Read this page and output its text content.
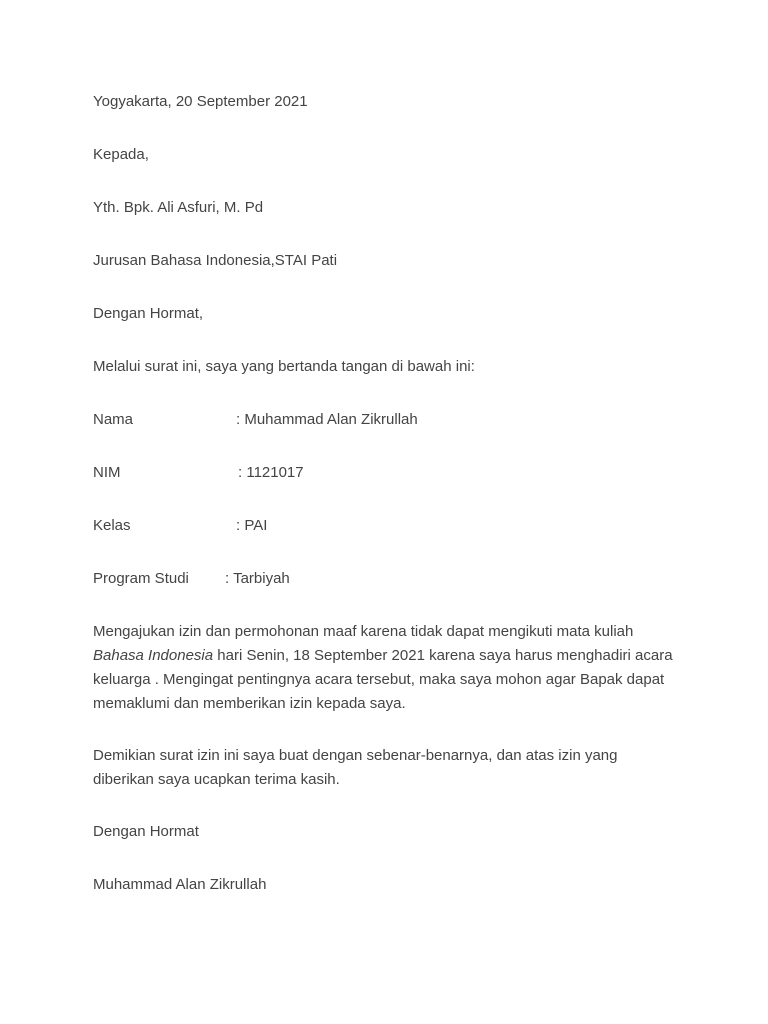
Yogyakarta, 20 September 2021
Kepada,
Yth. Bpk. Ali Asfuri, M. Pd
Jurusan Bahasa Indonesia,STAI Pati
Dengan Hormat,
Melalui surat ini, saya yang bertanda tangan di bawah ini:
Nama	: Muhammad Alan Zikrullah
NIM	: 1121017
Kelas	: PAI
Program Studi : Tarbiyah
Mengajukan izin dan permohonan maaf karena tidak dapat mengikuti mata kuliah Bahasa Indonesia hari Senin, 18 September 2021 karena saya harus menghadiri acara keluarga . Mengingat pentingnya acara tersebut, maka saya mohon agar Bapak dapat memaklumi dan memberikan izin kepada saya.
Demikian surat izin ini saya buat dengan sebenar-benarnya, dan atas izin yang diberikan saya ucapkan terima kasih.
Dengan Hormat
Muhammad Alan Zikrullah
